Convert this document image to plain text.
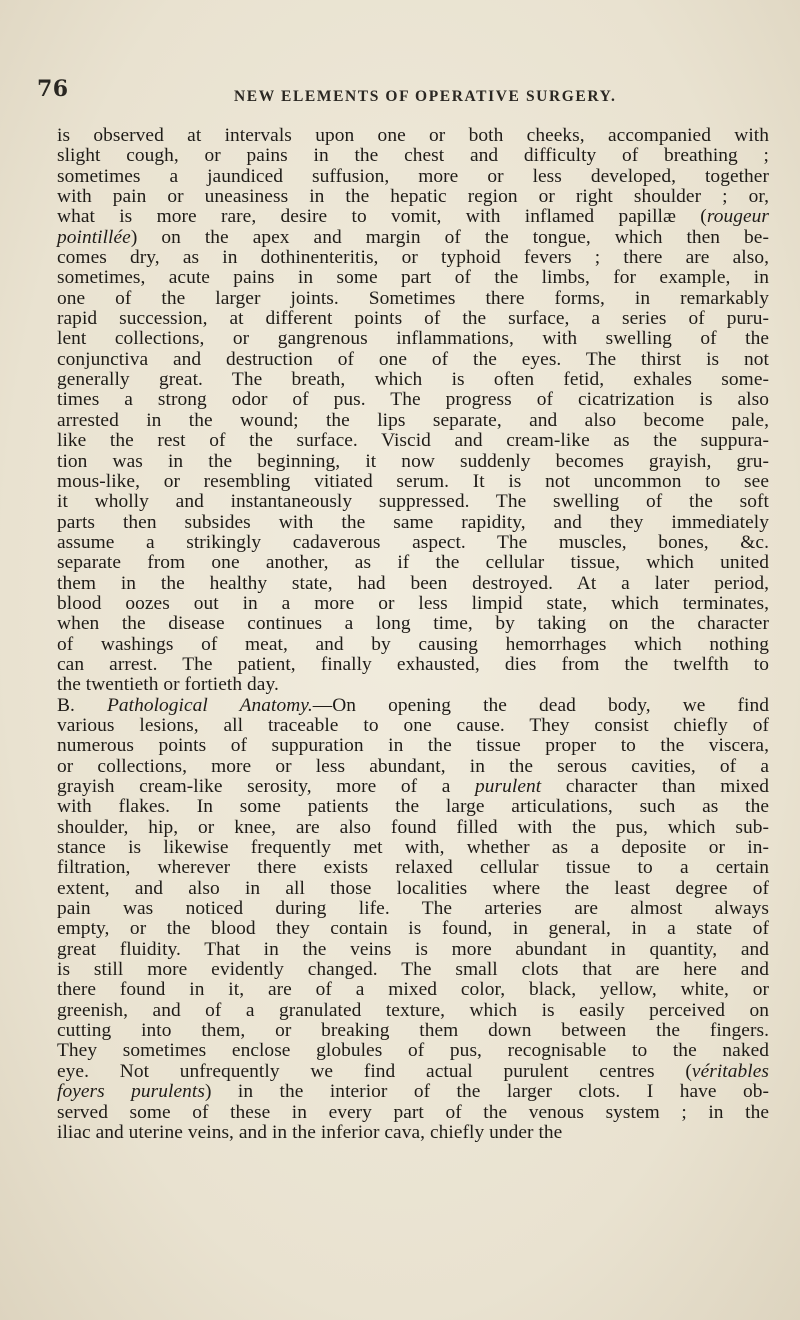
76	NEW ELEMENTS OF OPERATIVE SURGERY.
is observed at intervals upon one or both cheeks, accompanied with
slight cough, or pains in the chest and difficulty of breathing ;
sometimes a jaundiced suffusion, more or less developed, together
with pain or uneasiness in the hepatic region or right shoulder ; or,
what is more rare, desire to vomit, with inflamed papillæ (rougeur
pointillée) on the apex and margin of the tongue, which then be-
comes dry, as in dothinenteritis, or typhoid fevers ; there are also,
sometimes, acute pains in some part of the limbs, for example, in
one of the larger joints. Sometimes there forms, in remarkably
rapid succession, at different points of the surface, a series of puru-
lent collections, or gangrenous inflammations, with swelling of the
conjunctiva and destruction of one of the eyes. The thirst is not
generally great. The breath, which is often fetid, exhales some-
times a strong odor of pus. The progress of cicatrization is also
arrested in the wound; the lips separate, and also become pale,
like the rest of the surface. Viscid and cream-like as the suppura-
tion was in the beginning, it now suddenly becomes grayish, gru-
mous-like, or resembling vitiated serum. It is not uncommon to see
it wholly and instantaneously suppressed. The swelling of the soft
parts then subsides with the same rapidity, and they immediately
assume a strikingly cadaverous aspect. The muscles, bones, &c.
separate from one another, as if the cellular tissue, which united
them in the healthy state, had been destroyed. At a later period,
blood oozes out in a more or less limpid state, which terminates,
when the disease continues a long time, by taking on the character
of washings of meat, and by causing hemorrhages which nothing
can arrest. The patient, finally exhausted, dies from the twelfth to
the twentieth or fortieth day.
B. Pathological Anatomy.—On opening the dead body, we find
various lesions, all traceable to one cause. They consist chiefly of
numerous points of suppuration in the tissue proper to the viscera,
or collections, more or less abundant, in the serous cavities, of a
grayish cream-like serosity, more of a purulent character than mixed
with flakes. In some patients the large articulations, such as the
shoulder, hip, or knee, are also found filled with the pus, which sub-
stance is likewise frequently met with, whether as a deposite or in-
filtration, wherever there exists relaxed cellular tissue to a certain
extent, and also in all those localities where the least degree of
pain was noticed during life. The arteries are almost always
empty, or the blood they contain is found, in general, in a state of
great fluidity. That in the veins is more abundant in quantity, and
is still more evidently changed. The small clots that are here and
there found in it, are of a mixed color, black, yellow, white, or
greenish, and of a granulated texture, which is easily perceived on
cutting into them, or breaking them down between the fingers.
They sometimes enclose globules of pus, recognisable to the naked
eye. Not unfrequently we find actual purulent centres (véritables
foyers purulents) in the interior of the larger clots. I have ob-
served some of these in every part of the venous system ; in the
iliac and uterine veins, and in the inferior cava, chiefly under the
